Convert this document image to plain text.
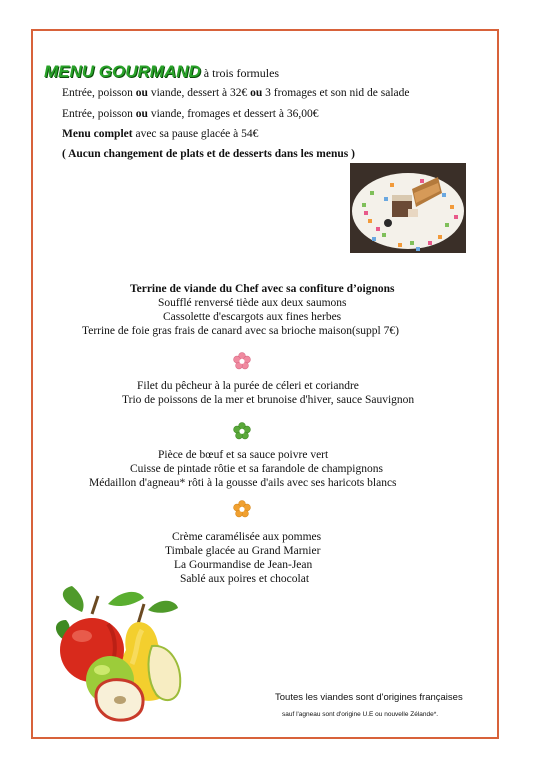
MENU GOURMAND à trois formules
Entrée, poisson ou viande, dessert à 32€ ou 3 fromages et son nid de salade
Entrée, poisson ou viande, fromages et dessert à 36,00€
Menu complet avec sa pause glacée à 54€
( Aucun changement de plats et de desserts dans les menus )
Terrine de viande du Chef avec sa confiture d’oignons
Soufflé renversé tiède aux deux saumons
Cassolette d'escargots aux fines herbes
Terrine de foie gras frais de canard avec sa brioche maison(suppl 7€)
Filet du pêcheur à la purée de céleri et coriandre
Trio de poissons de la mer et brunoise d'hiver, sauce Sauvignon
Pièce de bœuf et sa sauce poivre vert
Cuisse de pintade rôtie et sa farandole de champignons
Médaillon d'agneau* rôti à la gousse d'ails avec ses haricots blancs
Crème caramélisée aux pommes
Timbale glacée au Grand Marnier
La Gourmandise de Jean-Jean
Sablé aux poires et chocolat
Toutes les viandes sont d'origines françaises
sauf l'agneau sont d'origine U.E ou nouvelle Zélande*.
